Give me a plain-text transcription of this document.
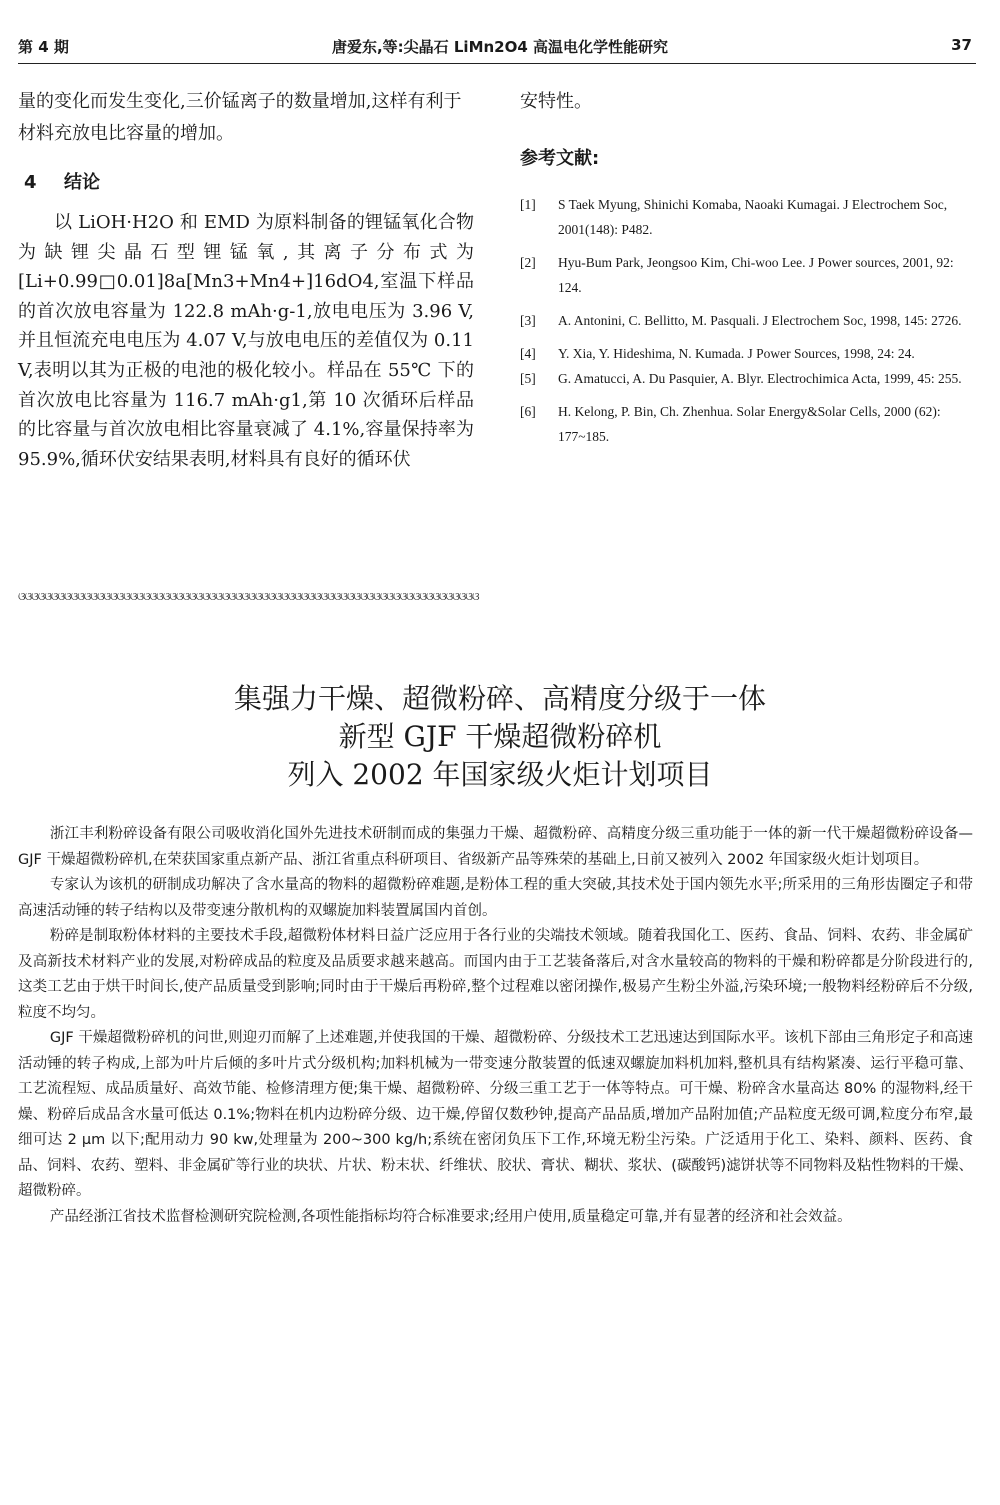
第 4 期	唐爱东,等:尖晶石 LiMn2O4 高温电化学性能研究	37

量的变化而发生变化,三价锰离子的数量增加,这样有利于材料充放电比容量的增加。

4 结论

以 LiOH·H2O 和 EMD 为原料制备的锂锰氧化合物为缺锂尖晶石型锂锰氧,其离子分布式为 [Li+0.99□0.01]8a[Mn3+Mn4+]16dO4,室温下样品的首次放电容量为 122.8 mAh·g-1,放电电压为 3.96 V,并且恒流充电电压为 4.07 V,与放电电压的差值仅为 0.11 V,表明以其为正极的电池的极化较小。样品在 55℃ 下的首次放电比容量为 116.7 mAh·g1,第 10 次循环后样品的比容量与首次放电相比容量衰减了 4.1%,容量保持率为 95.9%,循环伏安结果表明,材料具有良好的循环伏

安特性。

参考文献:
[1]	S Taek Myung, Shinichi Komaba, Naoaki Kumagai. J Electrochem Soc, 2001(148): P482.
[2]	Hyu-Bum Park, Jeongsoo Kim, Chi-woo Lee. J Power sources, 2001, 92: 124.
[3]	A. Antonini, C. Bellitto, M. Pasquali. J Electrochem Soc, 1998, 145: 2726.
[4]	Y. Xia, Y. Hideshima, N. Kumada. J Power Sources, 1998, 24: 24.
[5]	G. Amatucci, A. Du Pasquier, A. Blyr. Electrochimica Acta, 1999, 45: 255.
[6]	H. Kelong, P. Bin, Ch. Zhenhua. Solar Energy&Solar Cells, 2000 (62): 177~185.
ଓଓଓଓଓଓଓଓଓଓଓଓଓଓଓଓଓଓଓଓଓଓଓଓଓଓଓଓଓଓଓଓଓଓଓଓଓଓଓଓଓଓଓଓଓଓଓଓଓଓଓଓଓଓଓଓଓଓଓଓଓଓଓଓଓଓଓଓଓଓ

集强力干燥、超微粉碎、高精度分级于一体

新型 GJF 干燥超微粉碎机

列入 2002 年国家级火炬计划项目

浙江丰利粉碎设备有限公司吸收消化国外先进技术研制而成的集强力干燥、超微粉碎、高精度分级三重功能于一体的新一代干燥超微粉碎设备—GJF 干燥超微粉碎机,在荣获国家重点新产品、浙江省重点科研项目、省级新产品等殊荣的基础上,日前又被列入 2002 年国家级火炬计划项目。

专家认为该机的研制成功解决了含水量高的物料的超微粉碎难题,是粉体工程的重大突破,其技术处于国内领先水平;所采用的三角形齿圈定子和带高速活动锤的转子结构以及带变速分散机构的双螺旋加料装置属国内首创。

粉碎是制取粉体材料的主要技术手段,超微粉体材料日益广泛应用于各行业的尖端技术领域。随着我国化工、医药、食品、饲料、农药、非金属矿及高新技术材料产业的发展,对粉碎成品的粒度及品质要求越来越高。而国内由于工艺装备落后,对含水量较高的物料的干燥和粉碎都是分阶段进行的,这类工艺由于烘干时间长,使产品质量受到影响;同时由于干燥后再粉碎,整个过程难以密闭操作,极易产生粉尘外溢,污染环境;一般物料经粉碎后不分级,粒度不均匀。

GJF 干燥超微粉碎机的问世,则迎刃而解了上述难题,并使我国的干燥、超微粉碎、分级技术工艺迅速达到国际水平。该机下部由三角形定子和高速活动锤的转子构成,上部为叶片后倾的多叶片式分级机构;加料机械为一带变速分散装置的低速双螺旋加料机加料,整机具有结构紧凑、运行平稳可靠、工艺流程短、成品质量好、高效节能、检修清理方便;集干燥、超微粉碎、分级三重工艺于一体等特点。可干燥、粉碎含水量高达 80% 的湿物料,经干燥、粉碎后成品含水量可低达 0.1%;物料在机内边粉碎分级、边干燥,停留仅数秒钟,提高产品品质,增加产品附加值;产品粒度无级可调,粒度分布窄,最细可达 2 μm 以下;配用动力 90 kw,处理量为 200~300 kg/h;系统在密闭负压下工作,环境无粉尘污染。广泛适用于化工、染料、颜料、医药、食品、饲料、农药、塑料、非金属矿等行业的块状、片状、粉末状、纤维状、胶状、膏状、糊状、浆状、(碳酸钙)滤饼状等不同物料及粘性物料的干燥、超微粉碎。

产品经浙江省技术监督检测研究院检测,各项性能指标均符合标准要求;经用户使用,质量稳定可靠,并有显著的经济和社会效益。
